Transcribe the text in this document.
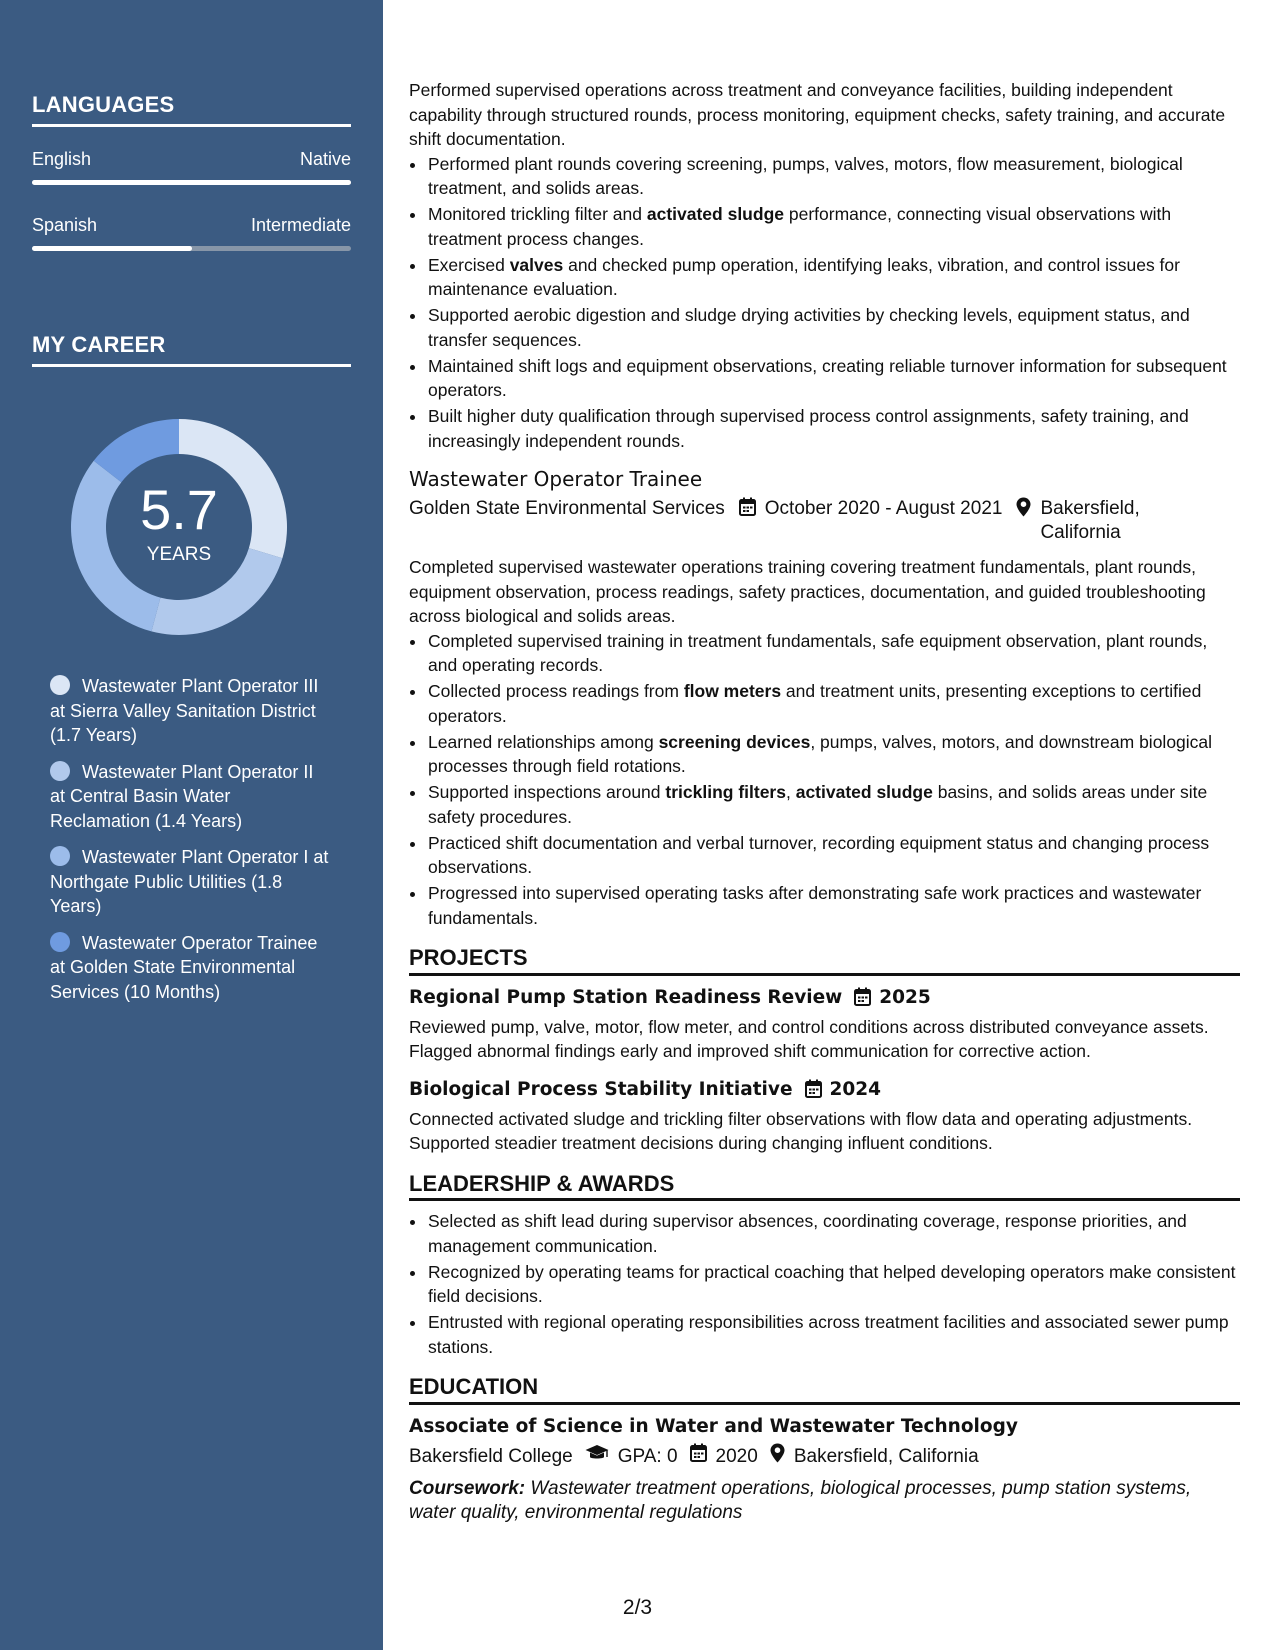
LANGUAGES
English	Native
Spanish	Intermediate
MY CAREER
5.7
YEARS
Wastewater Plant Operator III at Sierra Valley Sanitation District (1.7 Years)
Wastewater Plant Operator II at Central Basin Water Reclamation (1.4 Years)
Wastewater Plant Operator I at Northgate Public Utilities (1.8 Years)
Wastewater Operator Trainee at Golden State Environmental Services (10 Months)

Performed supervised operations across treatment and conveyance facilities, building independent capability through structured rounds, process monitoring, equipment checks, safety training, and accurate shift documentation.

• Performed plant rounds covering screening, pumps, valves, motors, flow measurement, biological treatment, and solids areas.
• Monitored trickling filter and activated sludge performance, connecting visual observations with treatment process changes.
• Exercised valves and checked pump operation, identifying leaks, vibration, and control issues for maintenance evaluation.
• Supported aerobic digestion and sludge drying activities by checking levels, equipment status, and transfer sequences.
• Maintained shift logs and equipment observations, creating reliable turnover information for subsequent operators.
• Built higher duty qualification through supervised process control assignments, safety training, and increasingly independent rounds.
Wastewater Operator Trainee
Golden State Environmental Services October 2020 - August 2021 Bakersfield,
California

Completed supervised wastewater operations training covering treatment fundamentals, plant rounds, equipment observation, process readings, safety practices, documentation, and guided troubleshooting across biological and solids areas.

• Completed supervised training in treatment fundamentals, safe equipment observation, plant rounds, and operating records.
• Collected process readings from flow meters and treatment units, presenting exceptions to certified operators.
• Learned relationships among screening devices, pumps, valves, motors, and downstream biological processes through field rotations.
• Supported inspections around trickling filters, activated sludge basins, and solids areas under site safety procedures.
• Practiced shift documentation and verbal turnover, recording equipment status and changing process observations.
• Progressed into supervised operating tasks after demonstrating safe work practices and wastewater fundamentals.
PROJECTS
Regional Pump Station Readiness Review 2025

Reviewed pump, valve, motor, flow meter, and control conditions across distributed conveyance assets. Flagged abnormal findings early and improved shift communication for corrective action.

Biological Process Stability Initiative 2024

Connected activated sludge and trickling filter observations with flow data and operating adjustments. Supported steadier treatment decisions during changing influent conditions.

LEADERSHIP & AWARDS
• Selected as shift lead during supervisor absences, coordinating coverage, response priorities, and management communication.
• Recognized by operating teams for practical coaching that helped developing operators make consistent field decisions.
• Entrusted with regional operating responsibilities across treatment facilities and associated sewer pump stations.
EDUCATION
Associate of Science in Water and Wastewater Technology
Bakersfield College GPA: 0 2020 Bakersfield, California
Coursework: Wastewater treatment operations, biological processes, pump station systems, water quality, environmental regulations
2/3
